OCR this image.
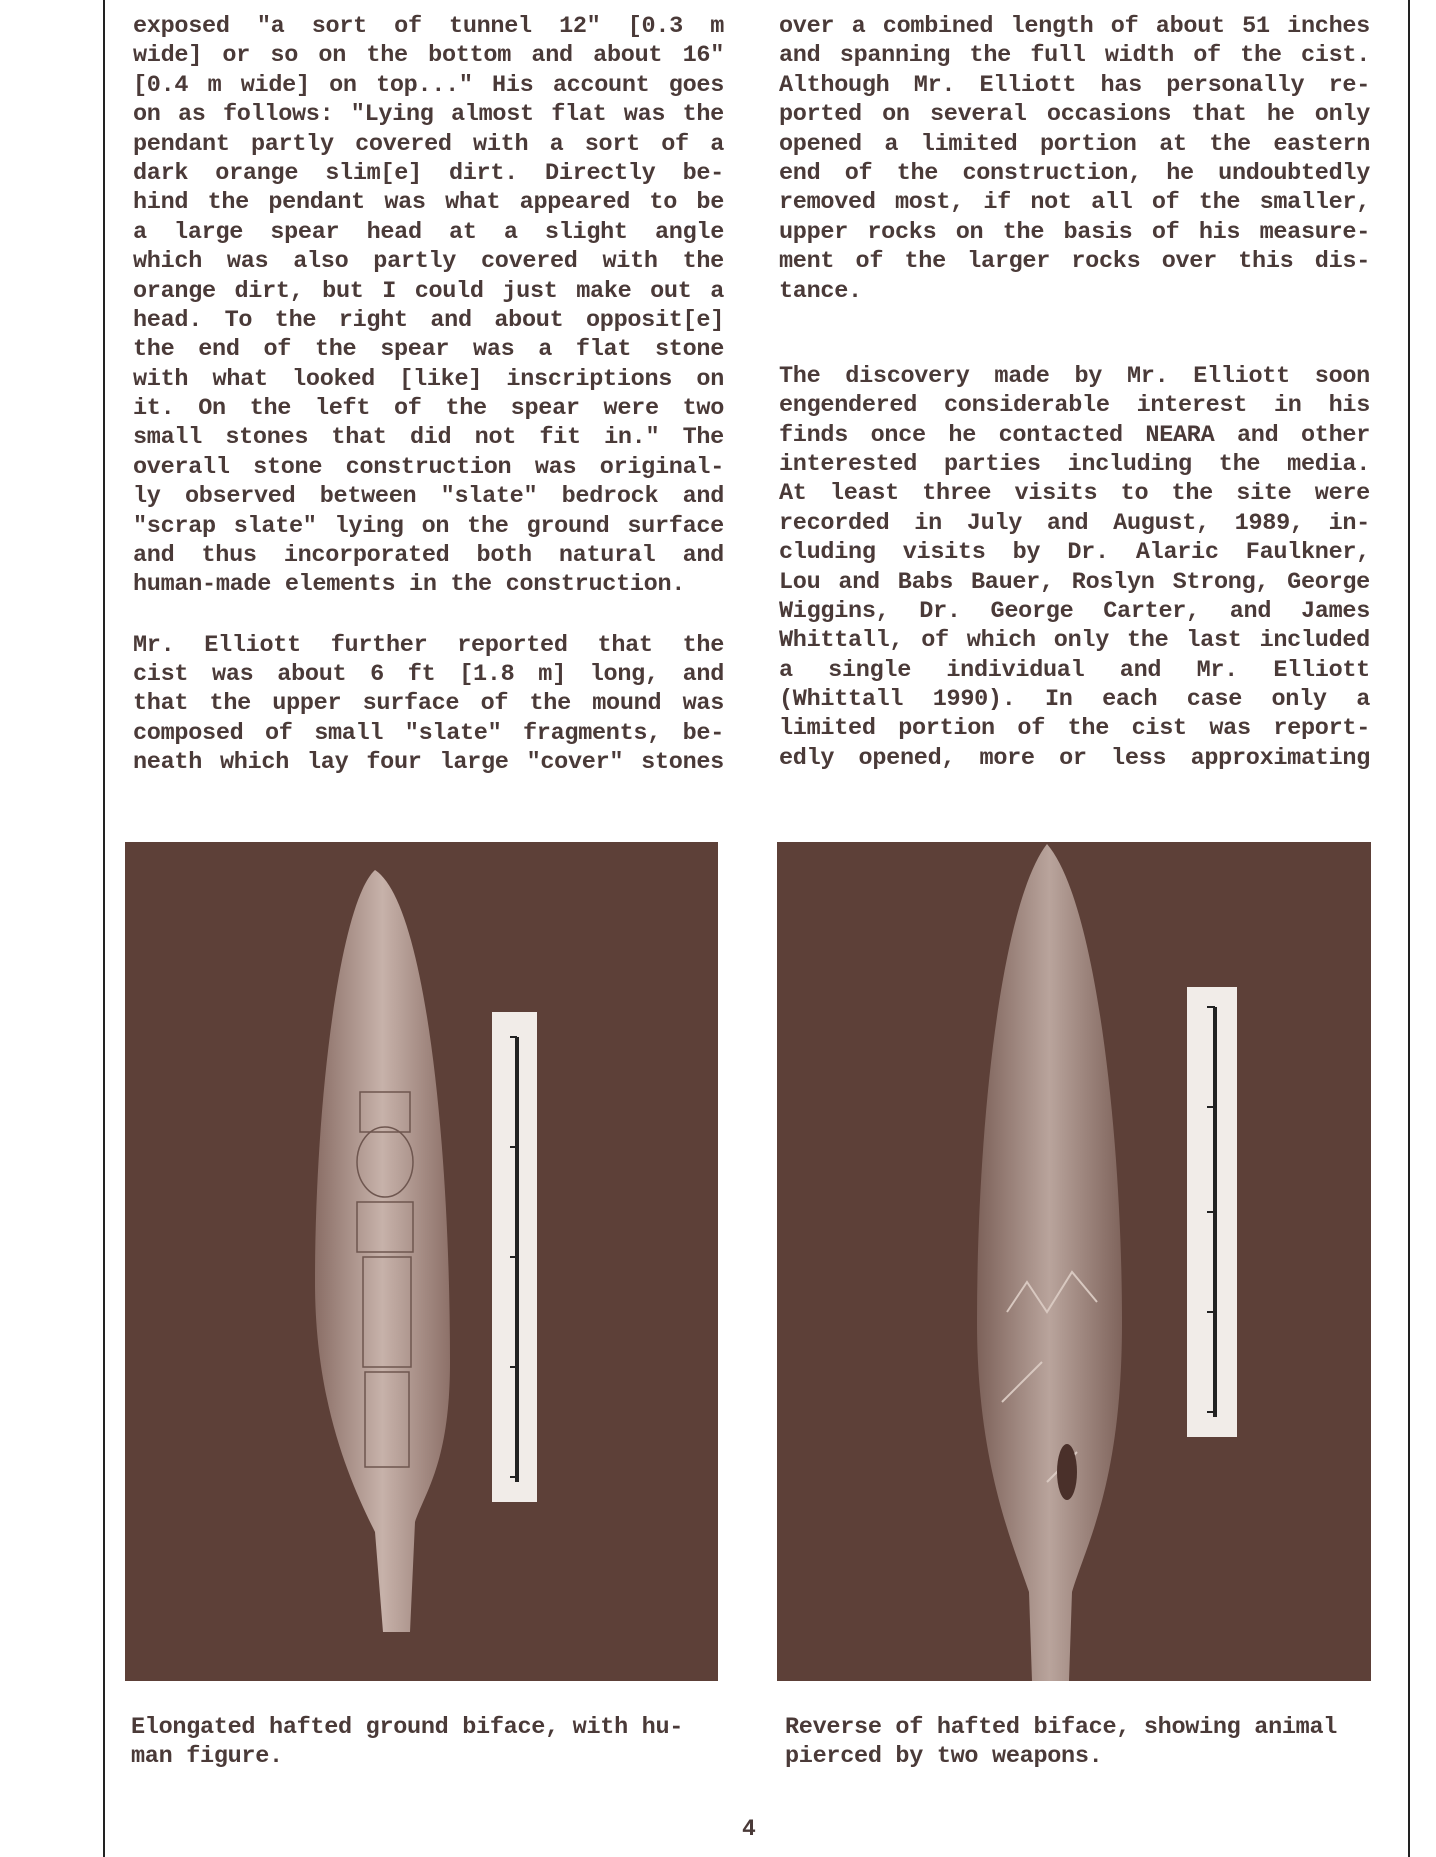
exposed "a sort of tunnel 12" [0.3 m
wide] or so on the bottom and about 16"
[0.4 m wide] on top..." His account goes
on as follows: "Lying almost flat was the
pendant partly covered with a sort of a
dark orange slim[e] dirt. Directly be-
hind the pendant was what appeared to be
a large spear head at a slight angle
which was also partly covered with the
orange dirt, but I could just make out a
head. To the right and about opposit[e]
the end of the spear was a flat stone
with what looked [like] inscriptions on
it. On the left of the spear were two
small stones that did not fit in." The
overall stone construction was original-
ly observed between "slate" bedrock and
"scrap slate" lying on the ground surface
and thus incorporated both natural and
human-made elements in the construction.
Mr. Elliott further reported that the
cist was about 6 ft [1.8 m] long, and
that the upper surface of the mound was
composed of small "slate" fragments, be-
neath which lay four large "cover" stones
over a combined length of about 51 inches
and spanning the full width of the cist.
Although Mr. Elliott has personally re-
ported on several occasions that he only
opened a limited portion at the eastern
end of the construction, he undoubtedly
removed most, if not all of the smaller,
upper rocks on the basis of his measure-
ment of the larger rocks over this dis-
tance.
The discovery made by Mr. Elliott soon
engendered considerable interest in his
finds once he contacted NEARA and other
interested parties including the media.
At least three visits to the site were
recorded in July and August, 1989, in-
cluding visits by Dr. Alaric Faulkner,
Lou and Babs Bauer, Roslyn Strong, George
Wiggins, Dr. George Carter, and James
Whittall, of which only the last included
a single individual and Mr. Elliott
(Whittall 1990). In each case only a
limited portion of the cist was report-
edly opened, more or less approximating
Elongated hafted ground biface, with hu-
man figure.
Reverse of hafted biface, showing animal
pierced by two weapons.
4
